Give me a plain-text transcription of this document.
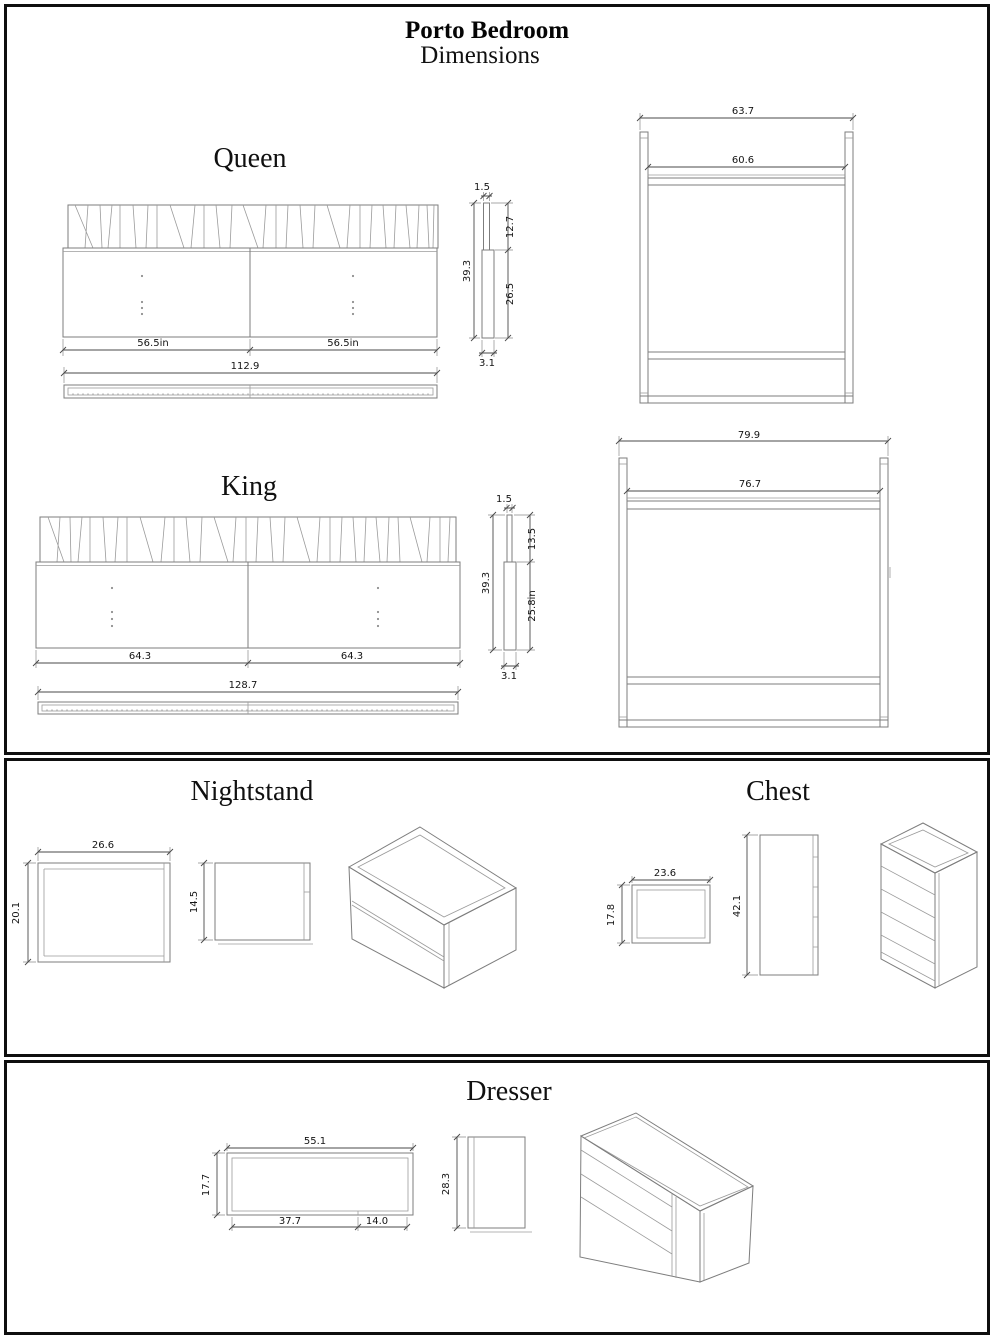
Porto Bedroom
Dimensions
Queen
56.5in	56.5in
112.9
1.5
39.3
12.7
26.5
3.1
63.7
60.6
King
64.3	64.3
128.7
1.5
39.3
13.5
25.8in
3.1
79.9
76.7
Nightstand
26.6
20.1	14.5
Chest
23.6
17.8	42.1
Dresser
55.1
17.7
37.7	14.0
28.3
